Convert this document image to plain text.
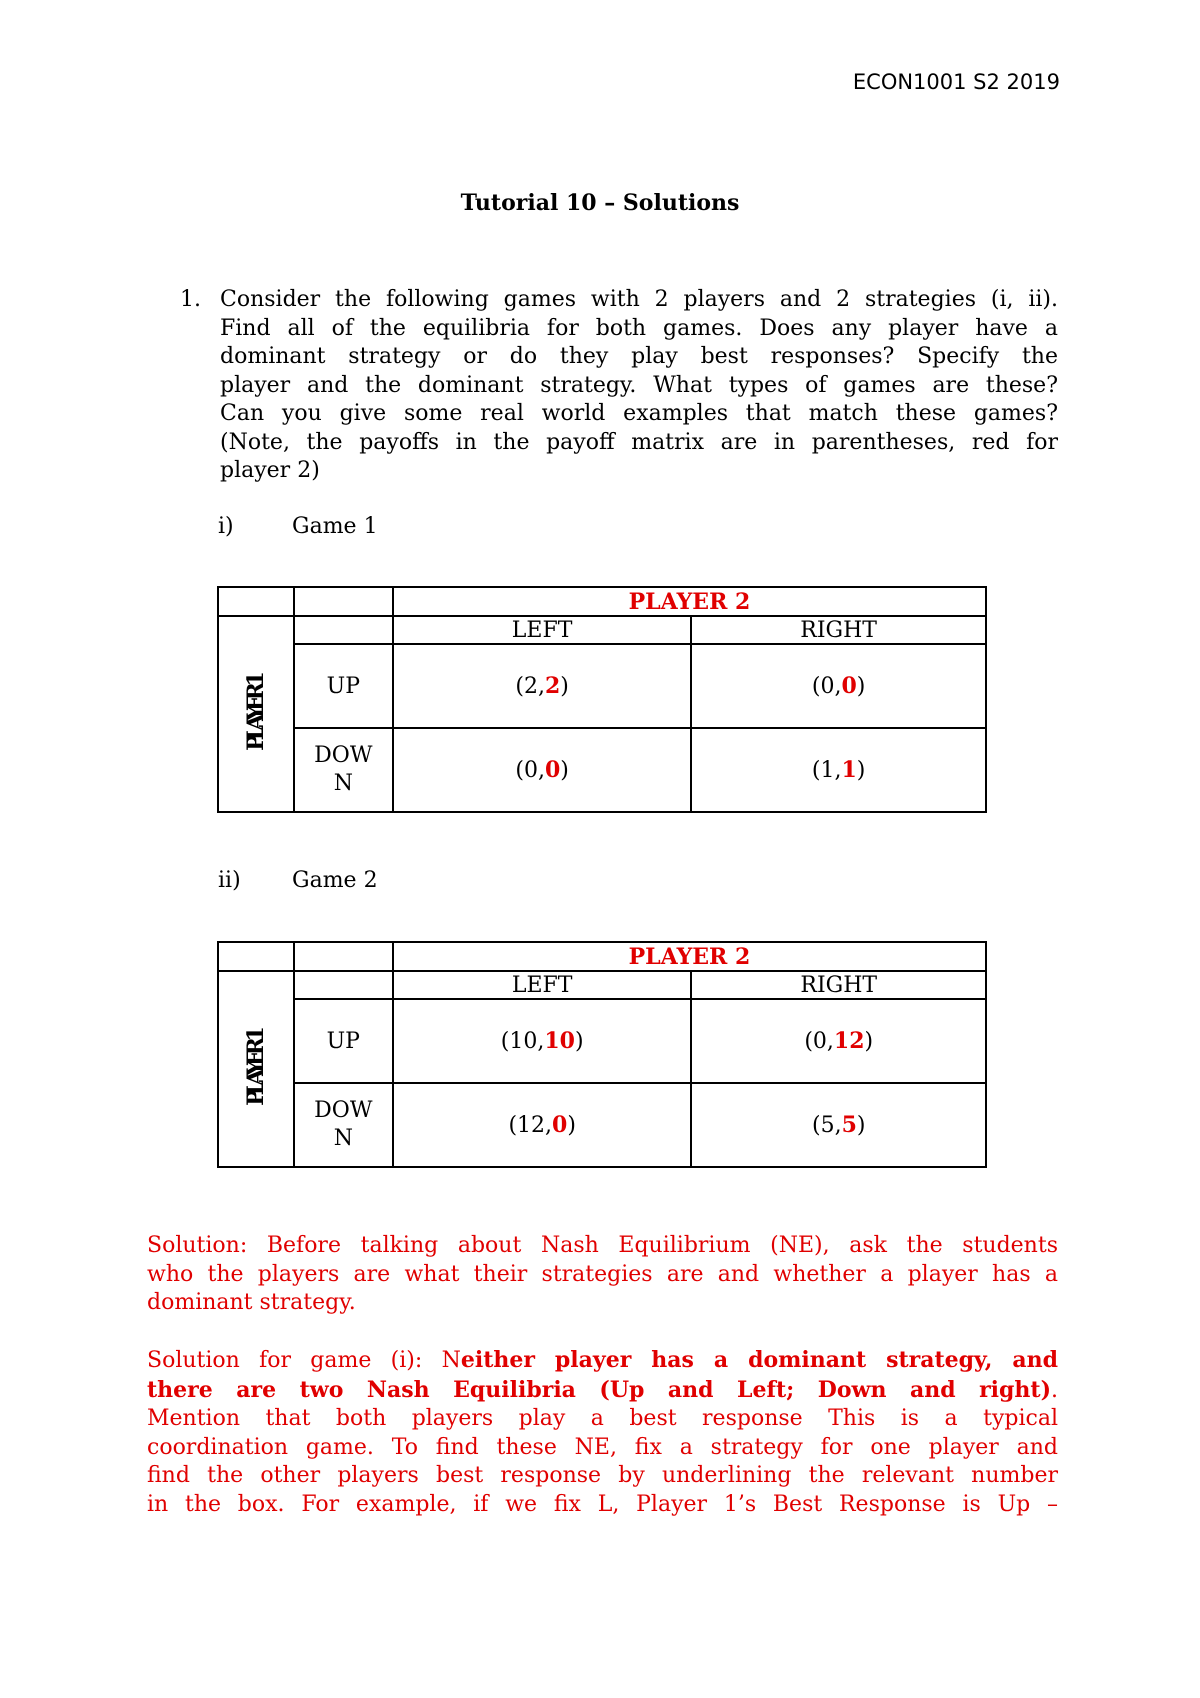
ECON1001 S2 2019
Tutorial 10 – Solutions
1. Consider the following games with 2 players and 2 strategies (i, ii).
Find all of the equilibria for both games. Does any player have a
dominant strategy or do they play best responses? Specify the
player and the dominant strategy. What types of games are these?
Can you give some real world examples that match these games?
(Note, the payoffs in the payoff matrix are in parentheses, red for
player 2)
i)	Game 1
		PLAYER 2	
PLAYER 1		LEFT	RIGHT
	UP	(2,2)	(0,0)
	DOW
N	(0,0)	(1,1)
ii) Game 2
		PLAYER 2	
PLAYER 1		LEFT	RIGHT
	UP	(10,10)	(0,12)
	DOW
N	(12,0)	(5,5)
Solution: Before talking about Nash Equilibrium (NE), ask the students
who the players are what their strategies are and whether a player has a
dominant strategy.
Solution for game (i): Neither player has a dominant strategy, and
there are two Nash Equilibria (Up and Left; Down and right).
Mention that both players play a best response This is a typical
coordination game. To find these NE, fix a strategy for one player and
find the other players best response by underlining the relevant number
in the box. For example, if we fix L, Player 1’s Best Response is Up –
